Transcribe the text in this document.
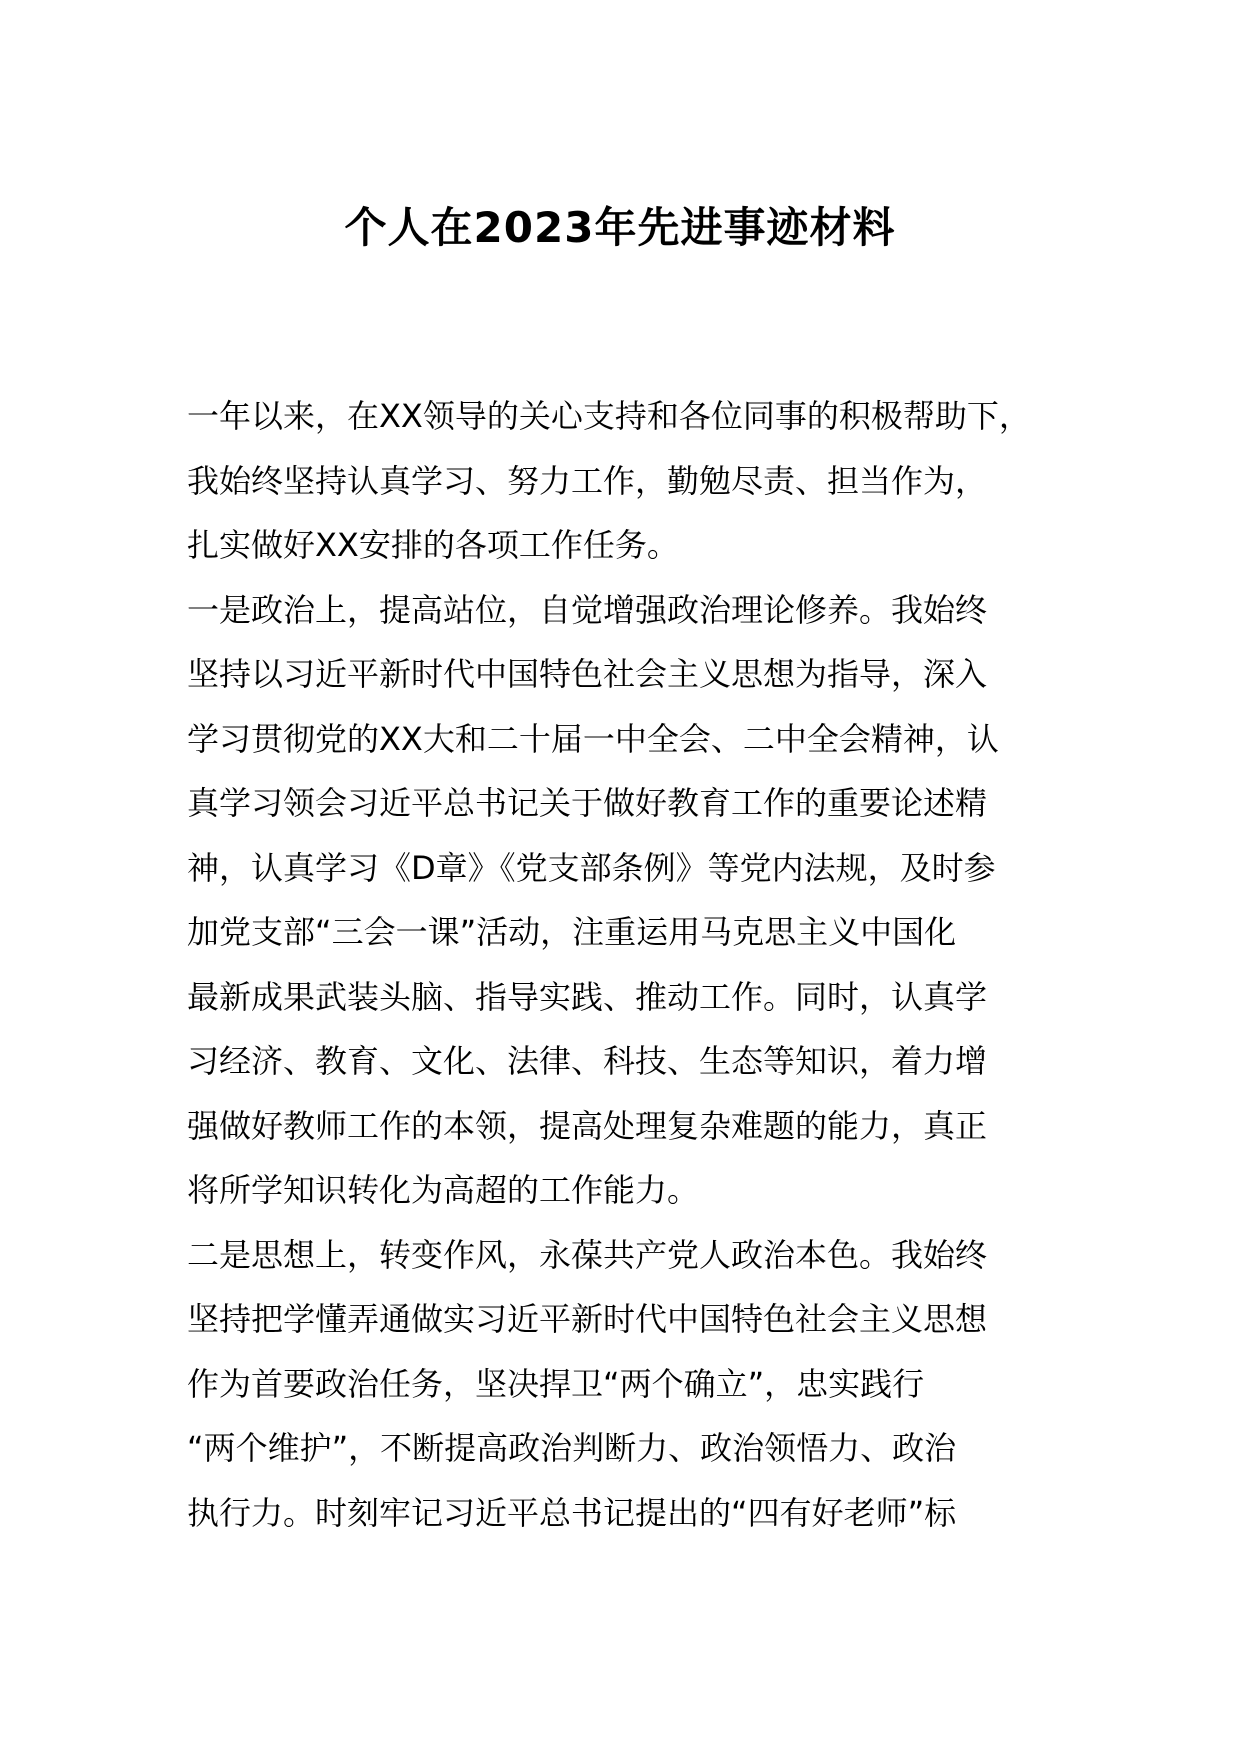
个人在2023年先进事迹材料
一年以来，在XX领导的关心支持和各位同事的积极帮助下，
我始终坚持认真学习、努力工作，勤勉尽责、担当作为，
扎实做好XX安排的各项工作任务。
一是政治上，提高站位，自觉增强政治理论修养。我始终
坚持以习近平新时代中国特色社会主义思想为指导，深入
学习贯彻党的XX大和二十届一中全会、二中全会精神，认
真学习领会习近平总书记关于做好教育工作的重要论述精
神，认真学习《D章》《党支部条例》等党内法规，及时参
加党支部“三会一课”活动，注重运用马克思主义中国化
最新成果武装头脑、指导实践、推动工作。同时，认真学
习经济、教育、文化、法律、科技、生态等知识，着力增
强做好教师工作的本领，提高处理复杂难题的能力，真正
将所学知识转化为高超的工作能力。
二是思想上，转变作风，永葆共产党人政治本色。我始终
坚持把学懂弄通做实习近平新时代中国特色社会主义思想
作为首要政治任务，坚决捍卫“两个确立”，忠实践行
“两个维护”，不断提高政治判断力、政治领悟力、政治
执行力。时刻牢记习近平总书记提出的“四有好老师”标
